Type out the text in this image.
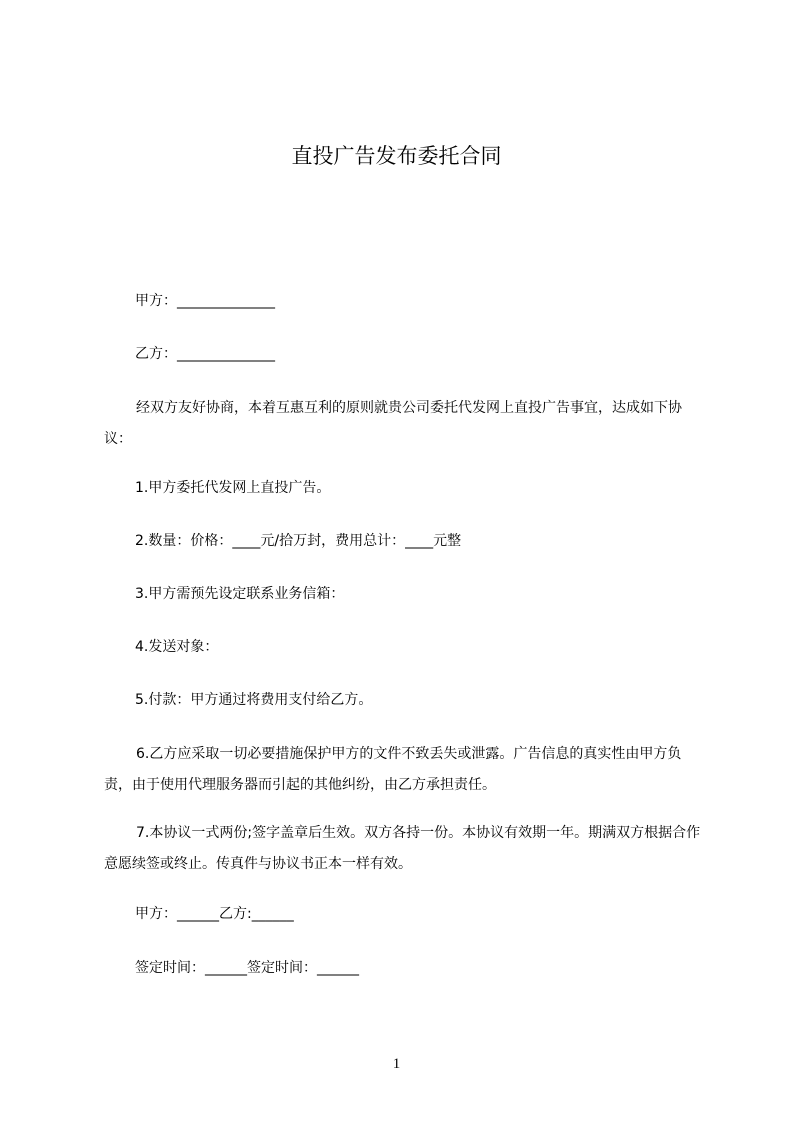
直投广告发布委托合同
甲方：______________
乙方：______________
经双方友好协商，本着互惠互利的原则就贵公司委托代发网上直投广告事宜，达成如下协议：
1.甲方委托代发网上直投广告。
2.数量：价格：____元/拾万封，费用总计：____元整
3.甲方需预先设定联系业务信箱：
4.发送对象：
5.付款：甲方通过将费用支付给乙方。
6.乙方应采取一切必要措施保护甲方的文件不致丢失或泄露。广告信息的真实性由甲方负责，由于使用代理服务器而引起的其他纠纷，由乙方承担责任。
7.本协议一式两份;签字盖章后生效。双方各持一份。本协议有效期一年。期满双方根据合作意愿续签或终止。传真件与协议书正本一样有效。
甲方：______乙方:______
签定时间：______签定时间：______
1
